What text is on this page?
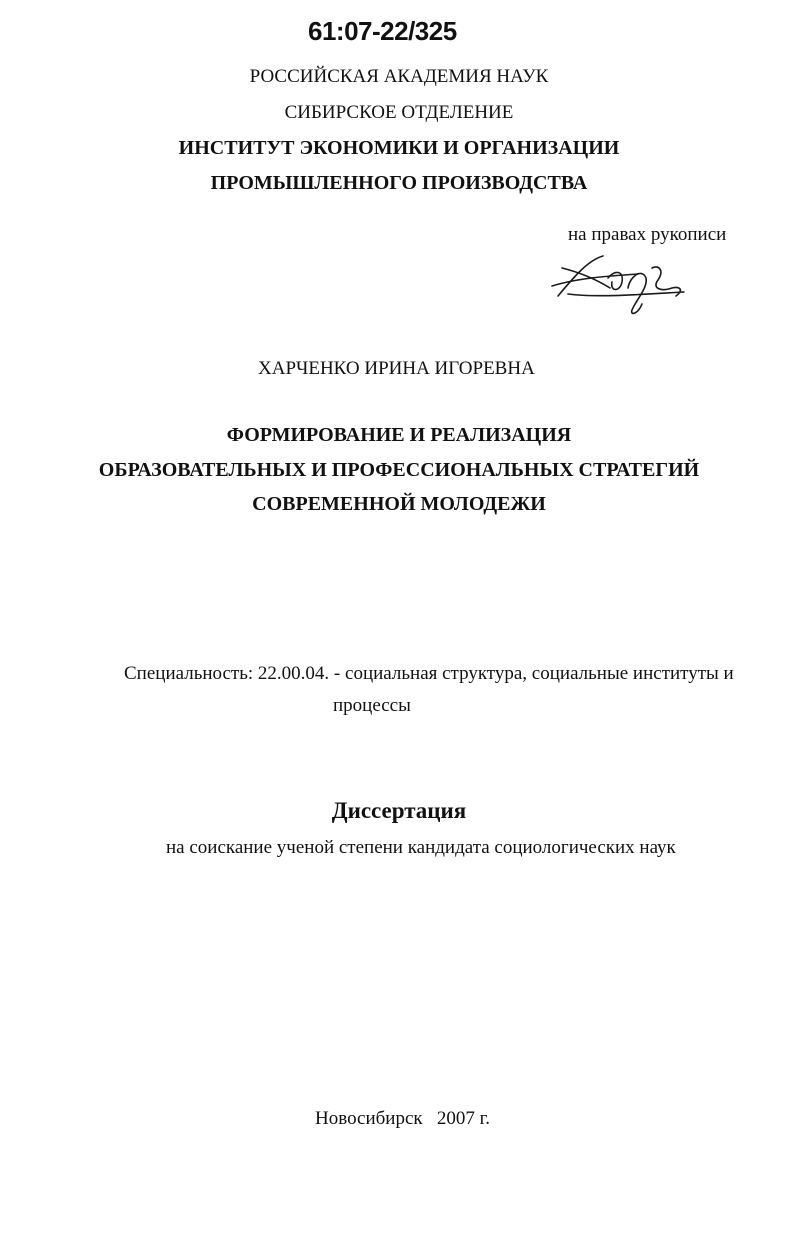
61:07-22/325
РОССИЙСКАЯ АКАДЕМИЯ НАУК
СИБИРСКОЕ ОТДЕЛЕНИЕ
ИНСТИТУТ ЭКОНОМИКИ И ОРГАНИЗАЦИИ
ПРОМЫШЛЕННОГО ПРОИЗВОДСТВА
на правах рукописи
ХАРЧЕНКО ИРИНА ИГОРЕВНА
ФОРМИРОВАНИЕ И РЕАЛИЗАЦИЯ
ОБРАЗОВАТЕЛЬНЫХ И ПРОФЕССИОНАЛЬНЫХ СТРАТЕГИЙ
СОВРЕМЕННОЙ МОЛОДЕЖИ
Специальность: 22.00.04. - социальная структура, социальные институты и
процессы
Диссертация
на соискание ученой степени кандидата социологических наук
Новосибирск   2007 г.
